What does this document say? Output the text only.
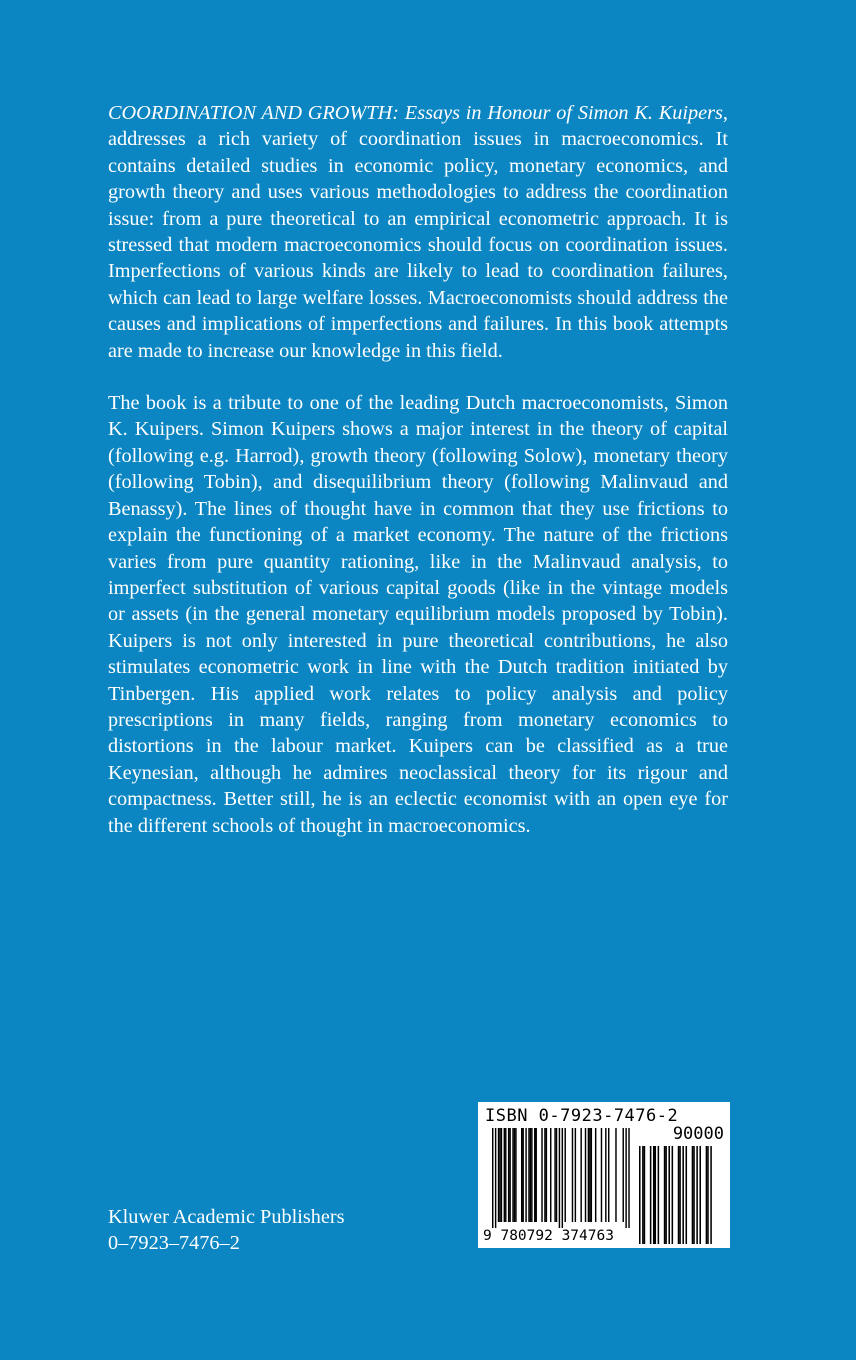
COORDINATION AND GROWTH: Essays in Honour of Simon K. Kuipers, addresses a rich variety of coordination issues in macroeconomics. It contains detailed studies in economic policy, monetary economics, and growth theory and uses various methodologies to address the coordination issue: from a pure theoretical to an empirical econometric approach. It is stressed that modern macroeconomics should focus on coordination issues. Imperfections of various kinds are likely to lead to coordination failures, which can lead to large welfare losses. Macroeconomists should address the causes and implications of imperfections and failures. In this book attempts are made to increase our knowledge in this field.

The book is a tribute to one of the leading Dutch macroeconomists, Simon K. Kuipers. Simon Kuipers shows a major interest in the theory of capital (following e.g. Harrod), growth theory (following Solow), monetary theory (following Tobin), and disequilibrium theory (following Malinvaud and Benassy). The lines of thought have in common that they use frictions to explain the functioning of a market economy. The nature of the frictions varies from pure quantity rationing, like in the Malinvaud analysis, to imperfect substitution of various capital goods (like in the vintage models or assets (in the general monetary equilibrium models proposed by Tobin). Kuipers is not only interested in pure theoretical contributions, he also stimulates econometric work in line with the Dutch tradition initiated by Tinbergen. His applied work relates to policy analysis and policy prescriptions in many fields, ranging from monetary economics to distortions in the labour market. Kuipers can be classified as a true Keynesian, although he admires neoclassical theory for its rigour and compactness. Better still, he is an eclectic economist with an open eye for the different schools of thought in macroeconomics.

Kluwer Academic Publishers
0–7923–7476–2
ISBN 0-7923-7476-2
90000
9 780792 374763
